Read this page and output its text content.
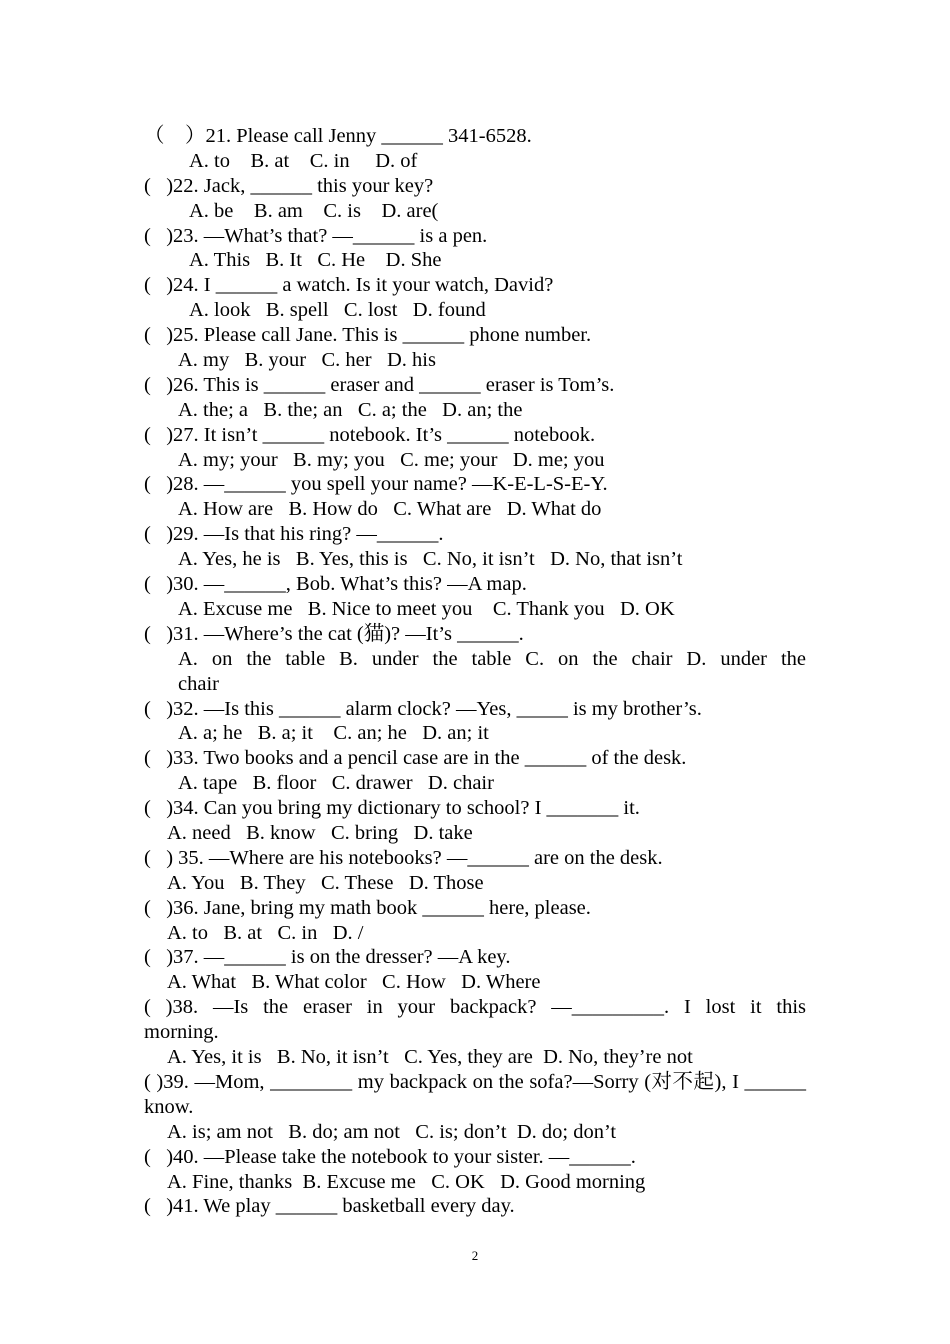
（　）21. Please call Jenny ______ 341-6528.
A. to    B. at    C. in     D. of
(   )22. Jack, ______ this your key?
A. be    B. am    C. is    D. are(
(   )23. —What’s that? —______ is a pen.
A. This   B. It   C. He    D. She
(   )24. I ______ a watch. Is it your watch, David?
A. look   B. spell   C. lost   D. found
(   )25. Please call Jane. This is ______ phone number.
A. my   B. your   C. her   D. his
(   )26. This is ______ eraser and ______ eraser is Tom’s.
A. the; a   B. the; an   C. a; the   D. an; the
(   )27. It isn’t ______ notebook. It’s ______ notebook.
A. my; your   B. my; you   C. me; your   D. me; you
(   )28. —______ you spell your name? —K-E-L-S-E-Y.
A. How are   B. How do   C. What are   D. What do
(   )29. —Is that his ring? —______.
A. Yes, he is   B. Yes, this is   C. No, it isn’t   D. No, that isn’t
(   )30. —______, Bob. What’s this? —A map.
A. Excuse me   B. Nice to meet you    C. Thank you   D. OK
(   )31. —Where’s the cat (猫)? —It’s ______.
A. on the table B. under the table C. on the chair D. under the chair
(   )32. —Is this ______ alarm clock? —Yes, _____ is my brother’s.
A. a; he   B. a; it    C. an; he   D. an; it
(   )33. Two books and a pencil case are in the ______ of the desk.
A. tape   B. floor   C. drawer   D. chair
(   )34. Can you bring my dictionary to school? I _______ it.
A. need   B. know   C. bring   D. take
(   ) 35. —Where are his notebooks? —______ are on the desk.
A. You   B. They   C. These   D. Those
(   )36. Jane, bring my math book ______ here, please.
A. to   B. at   C. in   D. /
(   )37. —______ is on the dresser? —A key.
A. What   B. What color   C. How   D. Where
( )38. —Is the eraser in your backpack? —_________. I lost it this morning.
A. Yes, it is   B. No, it isn’t   C. Yes, they are  D. No, they’re not
( )39. —Mom, ________ my backpack on the sofa?—Sorry (对不起), I ______ know.
A. is; am not   B. do; am not   C. is; don’t  D. do; don’t
(   )40. —Please take the notebook to your sister. —______.
A. Fine, thanks  B. Excuse me   C. OK   D. Good morning
(   )41. We play ______ basketball every day.
2
